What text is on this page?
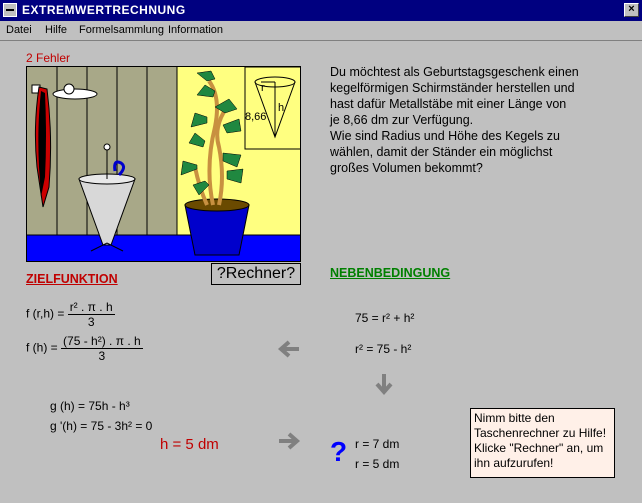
EXTREMWERTRECHNUNG	×
Datei Hilfe Formelsammlung Information
2 Fehler
r
h
8,66
?Rechner?
Du möchtest als Geburtstagsgeschenk einen
kegelförmigen Schirmständer herstellen und
hast dafür Metallstäbe mit einer Länge von
je 8,66 dm zur Verfügung.
Wie sind Radius und Höhe des Kegels zu
wählen, damit der Ständer ein möglichst
großes Volumen bekommt?
ZIELFUNKTION	NEBENBEDINGUNG
f $(r,h) = \frac{\text{r² . π . h}}{3}$
f $(h) = \frac{\text{(75 - h²) . π . h}}{3}$
g (h) = 75h - h³
g '(h) = 75 - 3h² = 0
h = 5 dm
75 = r² + h²
r² = 75 - h²
? r = 7 dm
r = 5 dm
Nimm bitte den
Taschenrechner zu Hilfe!
Klicke "Rechner" an, um
ihn aufzurufen!
